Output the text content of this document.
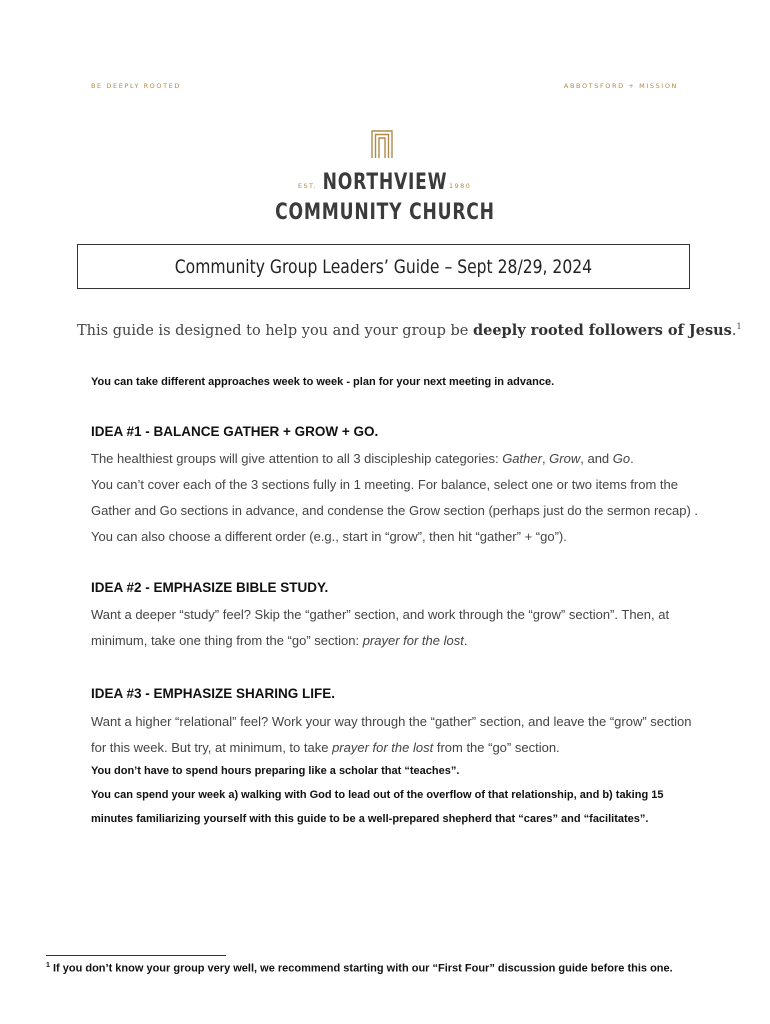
BE DEEPLY ROOTED	ABBOTSFORD + MISSION
EST. NORTHVIEW 1980
COMMUNITY CHURCH
Community Group Leaders’ Guide – Sept 28/29, 2024
This guide is designed to help you and your group be deeply rooted followers of Jesus.$^1$
You can take different approaches week to week - plan for your next meeting in advance.
IDEA #1 - BALANCE GATHER + GROW + GO.
The healthiest groups will give attention to all 3 discipleship categories: Gather, Grow, and Go.
You can’t cover each of the 3 sections fully in 1 meeting. For balance, select one or two items from the
Gather and Go sections in advance, and condense the Grow section (perhaps just do the sermon recap) .
You can also choose a different order (e.g., start in “grow”, then hit “gather” + “go”).
IDEA #2 - EMPHASIZE BIBLE STUDY.
Want a deeper “study” feel? Skip the “gather” section, and work through the “grow” section”. Then, at
minimum, take one thing from the “go” section: prayer for the lost.
IDEA #3 - EMPHASIZE SHARING LIFE.
Want a higher “relational” feel? Work your way through the “gather” section, and leave the “grow” section
for this week. But try, at minimum, to take prayer for the lost from the “go” section.
You don’t have to spend hours preparing like a scholar that “teaches”.
You can spend your week a) walking with God to lead out of the overflow of that relationship, and b) taking 15
minutes familiarizing yourself with this guide to be a well-prepared shepherd that “cares” and “facilitates”.
$^1$ If you don’t know your group very well, we recommend starting with our “First Four” discussion guide before this one.
